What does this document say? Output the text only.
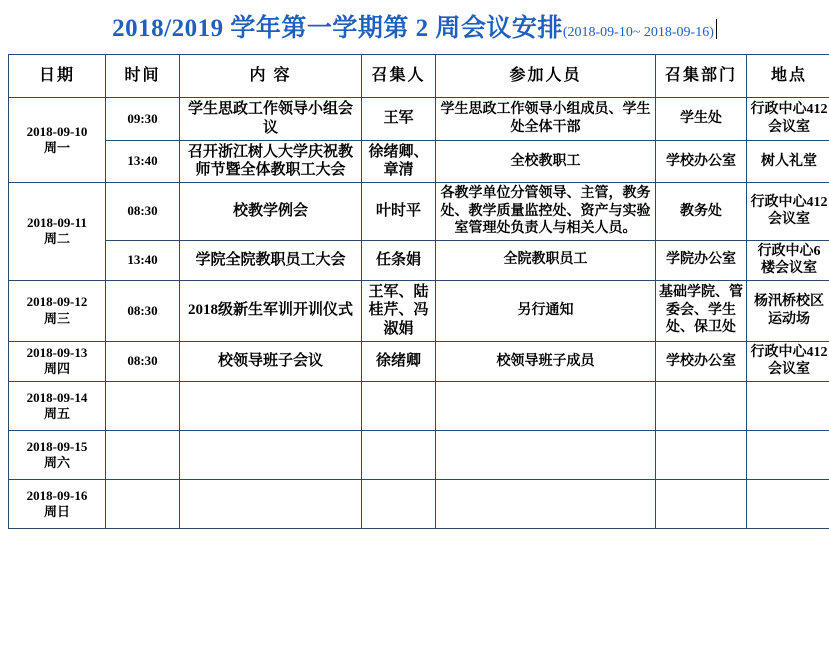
2018/2019 学年第一学期第 2 周会议安排(2018-09-10~ 2018-09-16)
日期	时间	内 容	召集人	参加人员	召集部门	地点
2018-09-10
周一	09:30	学生思政工作领导小组会议	王军	学生思政工作领导小组成员、学生处全体干部	学生处	行政中心412 会议室
	13:40	召开浙江树人大学庆祝教师节暨全体教职工大会	徐绪卿、章清	全校教职工	学校办公室	树人礼堂
2018-09-11
周二	08:30	校教学例会	叶时平	各教学单位分管领导、主管，教务处、教学质量监控处、资产与实验室管理处负责人与相关人员。	教务处	行政中心412 会议室
	13:40	学院全院教职员工大会	任条娟	全院教职员工	学院办公室	行政中心6 楼会议室
2018-09-12
周三	08:30	2018级新生军训开训仪式	王军、陆桂芹、冯淑娟	另行通知	基础学院、管委会、学生处、保卫处	杨汛桥校区运动场
2018-09-13
周四	08:30	校领导班子会议	徐绪卿	校领导班子成员	学校办公室	行政中心412 会议室
2018-09-14
周五						
2018-09-15
周六						
2018-09-16
周日						
